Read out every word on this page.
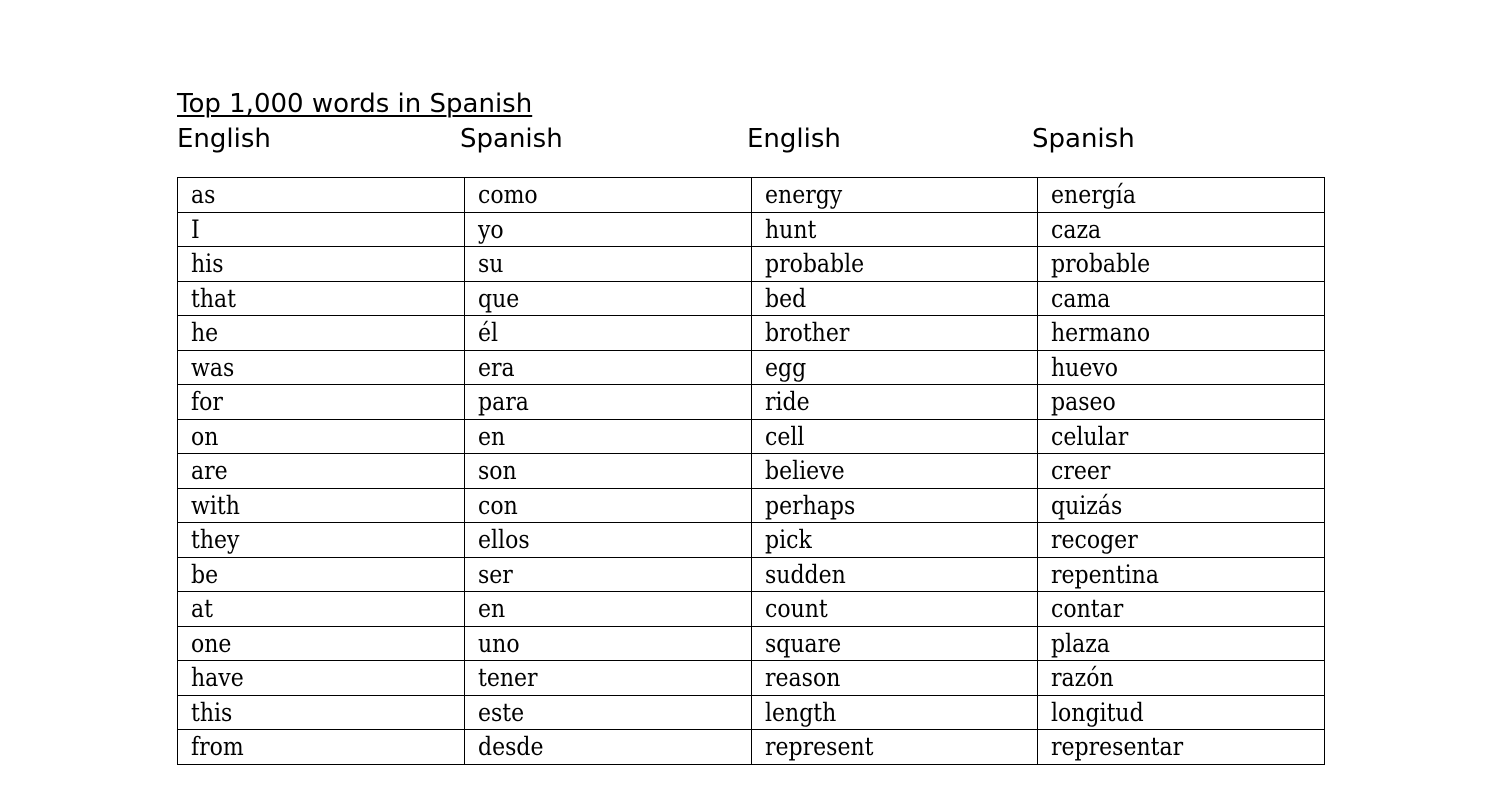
Top 1,000 words in Spanish
English	Spanish	English	Spanish
as	como	energy	energía
I	yo	hunt	caza
his	su	probable	probable
that	que	bed	cama
he	él	brother	hermano
was	era	egg	huevo
for	para	ride	paseo
on	en	cell	celular
are	son	believe	creer
with	con	perhaps	quizás
they	ellos	pick	recoger
be	ser	sudden	repentina
at	en	count	contar
one	uno	square	plaza
have	tener	reason	razón
this	este	length	longitud
from	desde	represent	representar
